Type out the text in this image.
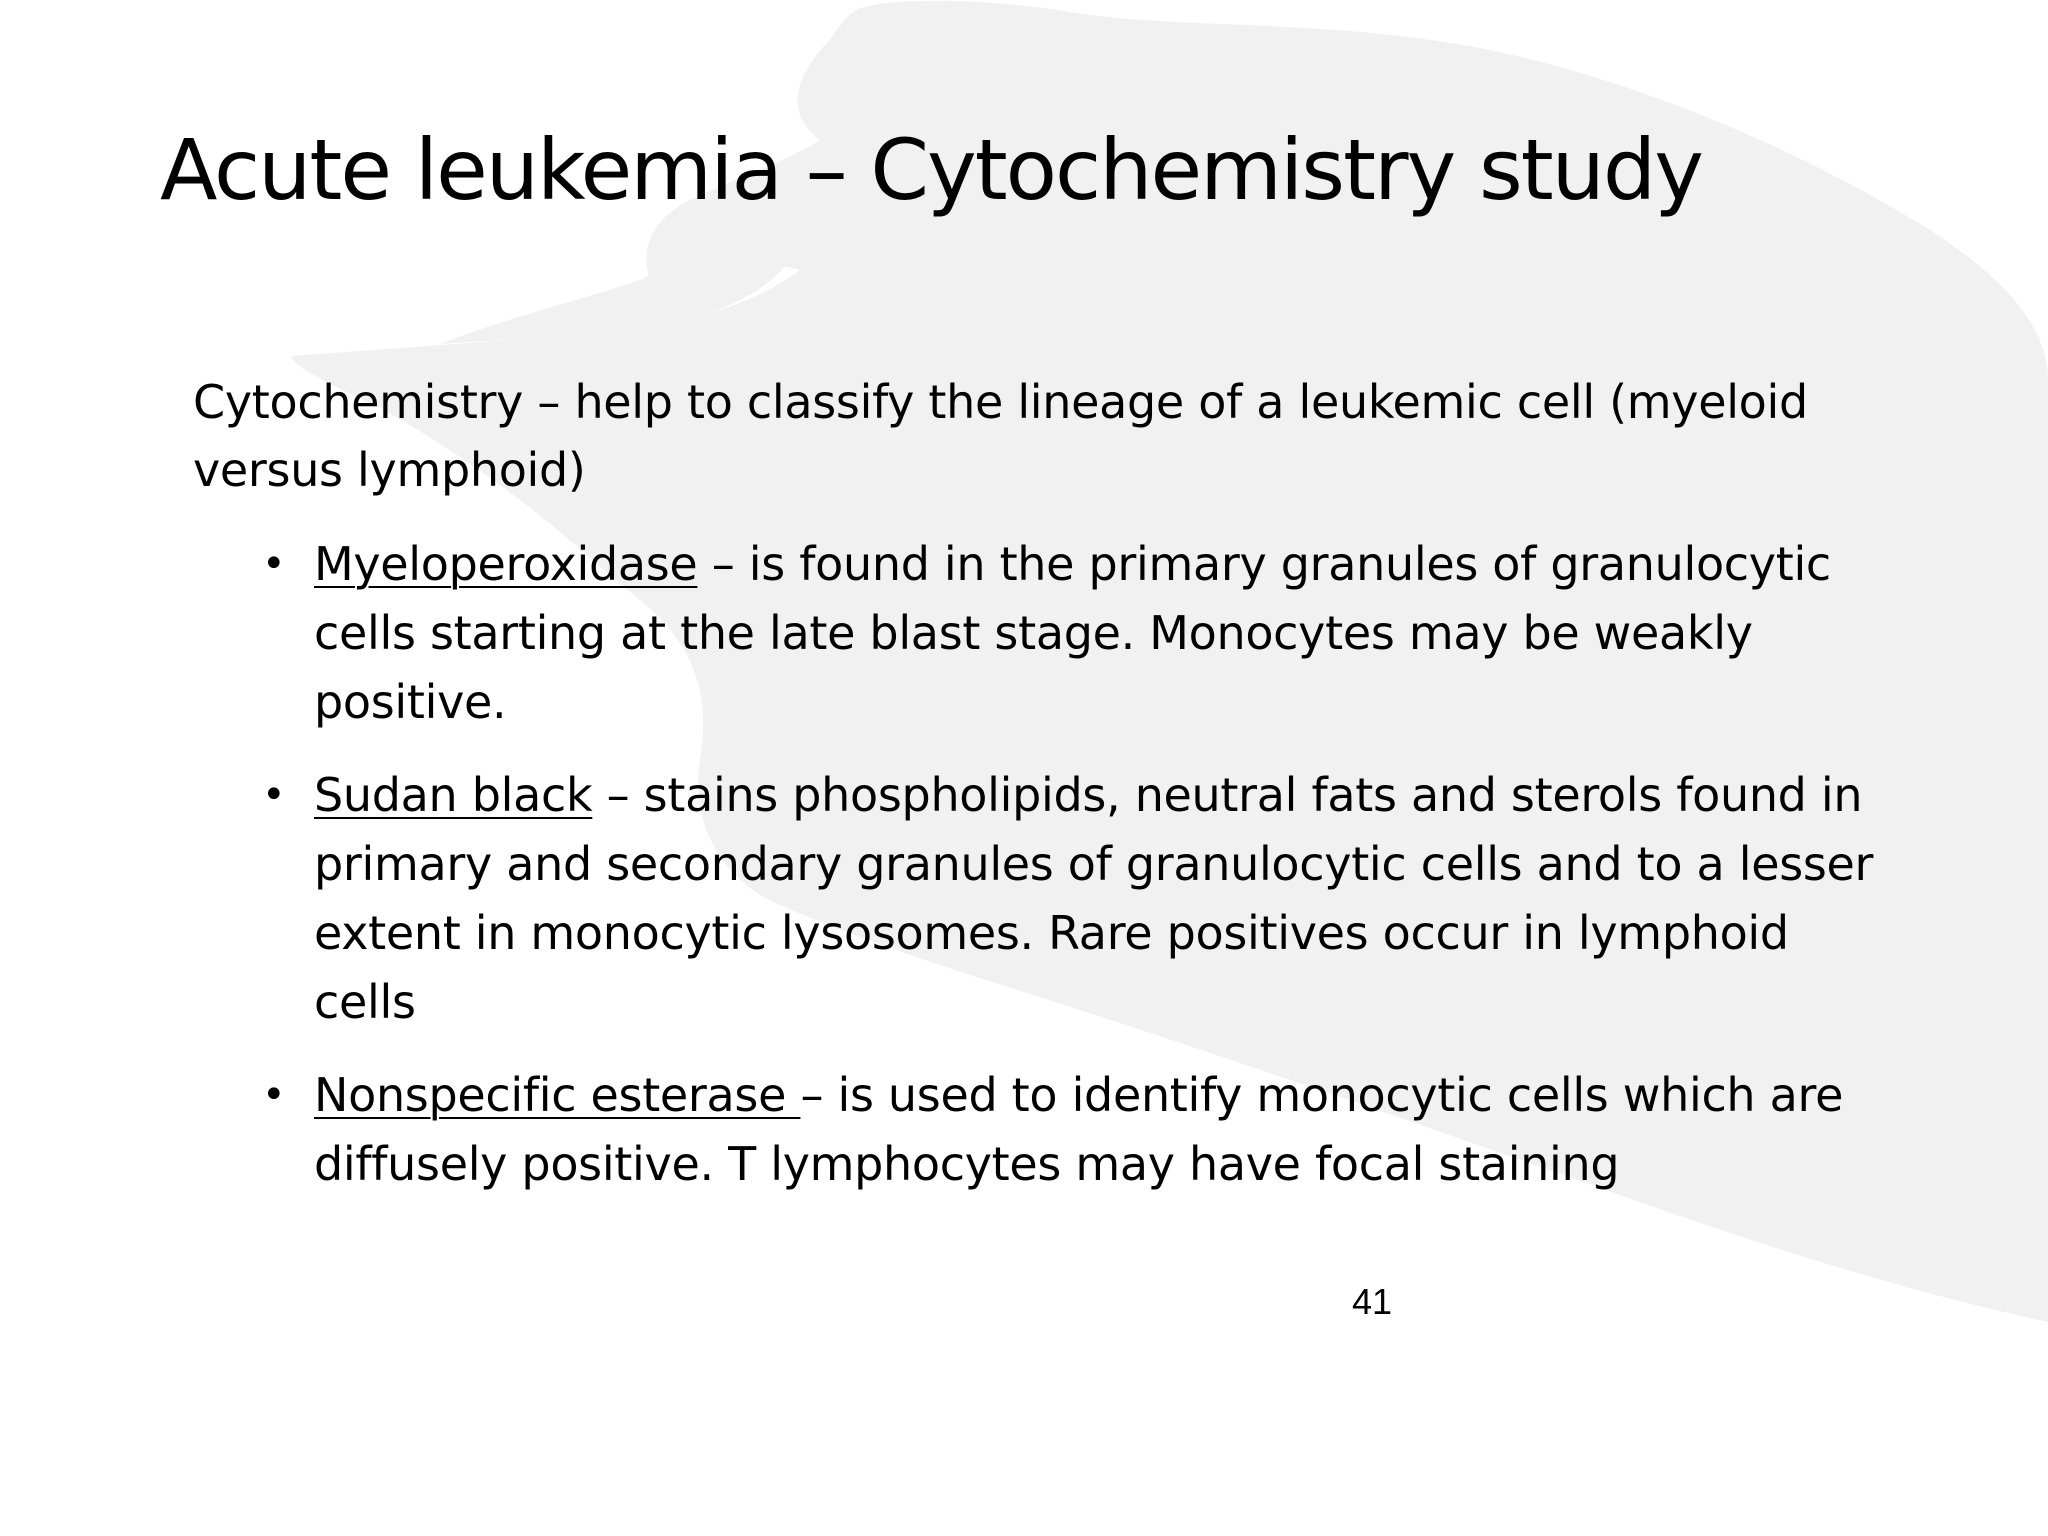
Acute leukemia – Cytochemistry study

Cytochemistry – help to classify the lineage of a leukemic cell (myeloid versus lymphoid)

• Myeloperoxidase – is found in the primary granules of granulocytic cells starting at the late blast stage. Monocytes may be weakly positive.
• Sudan black – stains phospholipids, neutral fats and sterols found in primary and secondary granules of granulocytic cells and to a lesser extent in monocytic lysosomes. Rare positives occur in lymphoid cells
• Nonspecific esterase – is used to identify monocytic cells which are diffusely positive. T lymphocytes may have focal staining
41
